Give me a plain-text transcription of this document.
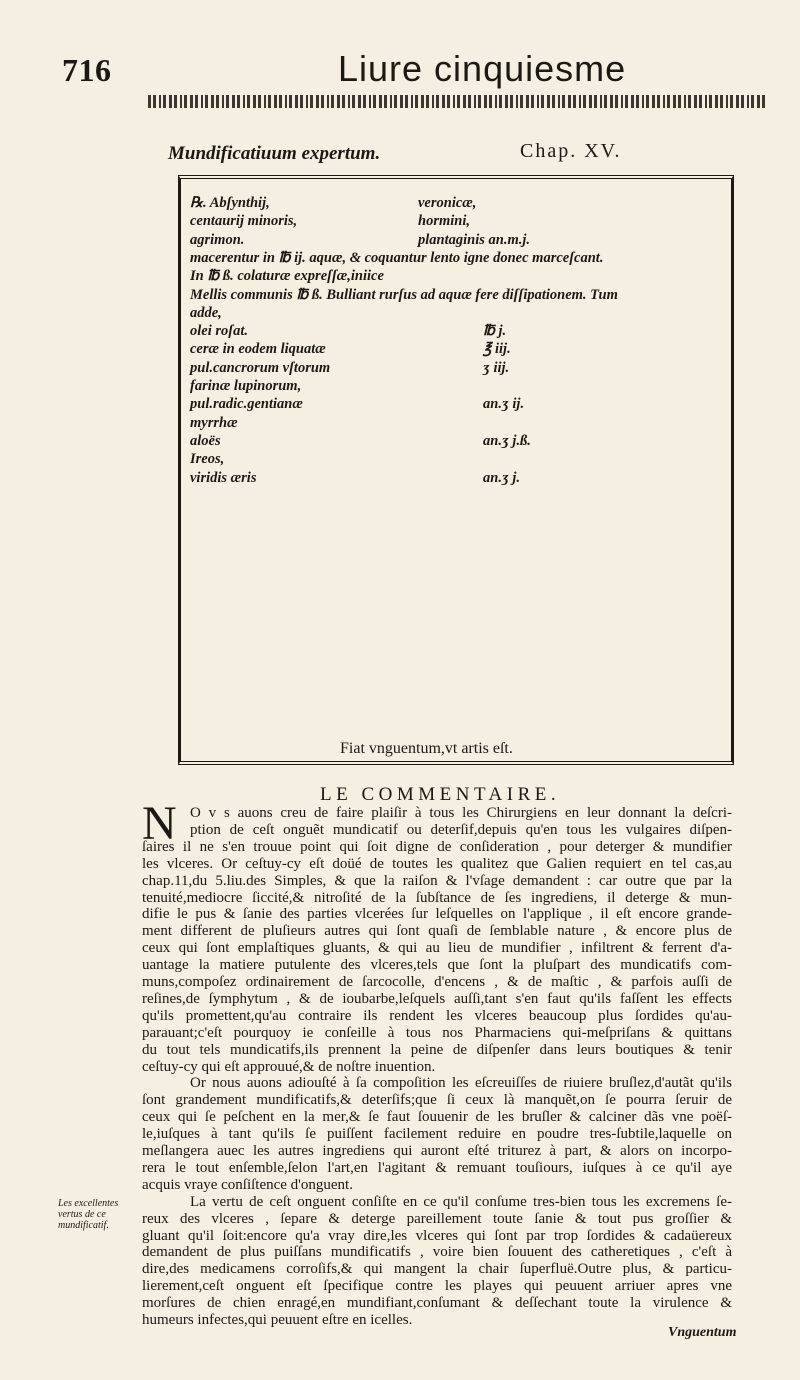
716	Liure cinquiesme
Mundificatiuum expertum.	Chap. XV.
℞. Abſynthij,	veronicæ,
centaurij minoris,	hormini,
agrimon.	plantaginis an.m.j.
macerentur in ℔ ij. aquæ, & coquantur lento igne donec marceſcant.
In ℔ ß. colaturæ expreſſæ,iniice
Mellis communis ℔ ß. Bulliant rurſus ad aquæ fere diſſipationem. Tum
adde,
olei roſat.	℔ j.
ceræ in eodem liquatæ	℥ iij.
pul.cancrorum vſtorum	ʒ iij.
farinæ lupinorum,
pul.radic.gentianæ	an.ʒ ij.
myrrhæ
aloës	an.ʒ j.ß.
Ireos,
viridis æris	an.ʒ j.
Fiat vnguentum,vt artis eſt.
LE COMMENTAIRE.
N O v s auons creu de faire plaiſir à tous les Chirurgiens en leur donnant la deſcri-
ption de ceſt onguẽt mundicatif ou deterſif,depuis qu'en tous les vulgaires diſpen-
ſaires il ne s'en trouue point qui ſoit digne de conſideration , pour deterger & mundifier
les vlceres. Or ceſtuy-cy eſt doüé de toutes les qualitez que Galien requiert en tel cas,au
chap.11,du 5.liu.des Simples, & que la raiſon & l'vſage demandent : car outre que par la
tenuité,mediocre ſiccité,& nitroſité de la ſubſtance de ſes ingrediens, il deterge & mun-
difie le pus & ſanie des parties vlcerées ſur leſquelles on l'applique , il eſt encore grande-
ment different de pluſieurs autres qui ſont quaſi de ſemblable nature , & encore plus de
ceux qui ſont emplaſtiques gluants, & qui au lieu de mundifier , infiltrent & ferrent d'a-
uantage la matiere putulente des vlceres,tels que ſont la pluſpart des mundicatifs com-
muns,compoſez ordinairement de ſarcocolle, d'encens , & de maſtic , & parfois auſſi de
reſines,de ſymphytum , & de ioubarbe,leſquels auſſi,tant s'en faut qu'ils faſſent les effects
qu'ils promettent,qu'au contraire ils rendent les vlceres beaucoup plus ſordides qu'au-
parauant;c'eſt pourquoy ie conſeille à tous nos Pharmaciens qui-meſpriſans & quittans
du tout tels mundicatifs,ils prennent la peine de diſpenſer dans leurs boutiques & tenir
ceſtuy-cy qui eſt approuué,& de noſtre inuention.
Or nous auons adiouſté à ſa compoſition les eſcreuiſſes de riuiere bruſlez,d'autãt qu'ils
ſont grandement mundificatifs,& deterſifs;que ſi ceux là manquẽt,on ſe pourra ſeruir de
ceux qui ſe peſchent en la mer,& ſe faut ſouuenir de les bruſler & calciner dãs vne poëſ-
le,iuſques à tant qu'ils ſe puiſſent facilement reduire en poudre tres-ſubtile,laquelle on
meſlangera auec les autres ingrediens qui auront eſté triturez à part, & alors on incorpo-
rera le tout enſemble,ſelon l'art,en l'agitant & remuant touſiours, iuſques à ce qu'il aye
acquis vraye conſiſtence d'onguent.
La vertu de ceſt onguent conſiſte en ce qu'il conſume tres-bien tous les excremens ſe-
reux des vlceres , ſepare & deterge pareillement toute ſanie & tout pus groſſier &
gluant qu'il ſoit:encore qu'a vray dire,les vlceres qui ſont par trop ſordides & cadaüereux
demandent de plus puiſſans mundificatifs , voire bien ſouuent des catheretiques , c'eſt à
dire,des medicamens corroſifs,& qui mangent la chair ſuperfluë.Outre plus, & particu-
lierement,ceſt onguent eſt ſpecifique contre les playes qui peuuent arriuer apres vne
morſures de chien enragé,en mundifiant,conſumant & deſſechant toute la virulence &
humeurs infectes,qui peuuent eſtre en icelles.
Les excellentes
vertus de ce
mundificatif.
Vnguentum
